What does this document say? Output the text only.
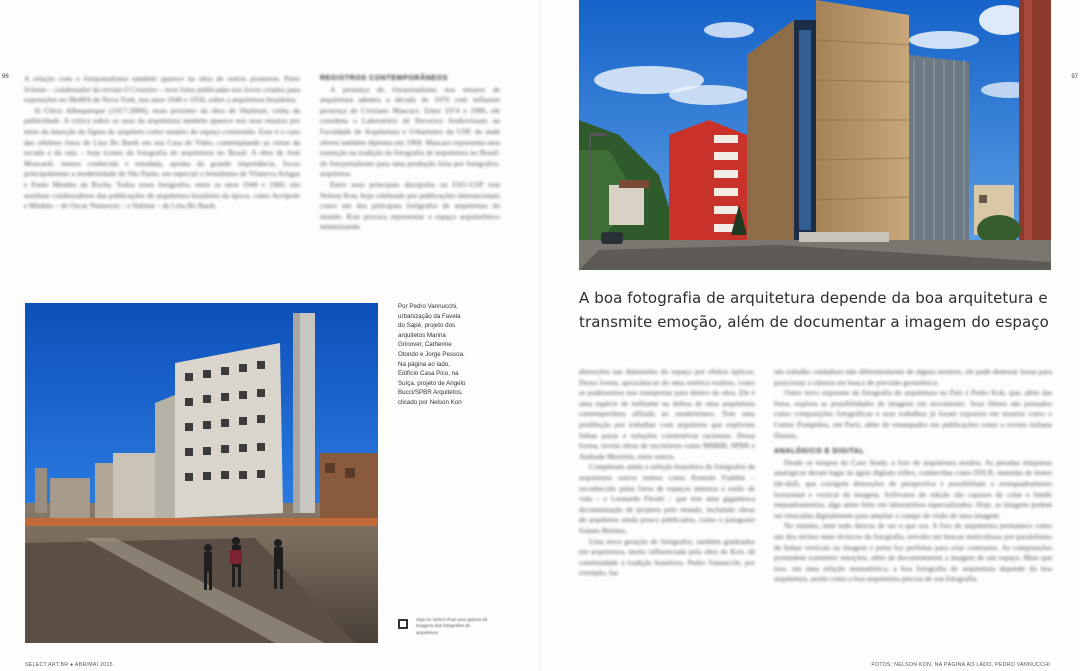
96 A relação com o fotojornalismo também aparece na obra de outros pioneiros. Peter Scheier – colaborador da revista O Cruzeiro – teve fotos publicadas nos livros criados para exposições no MoMA de Nova York, nos anos 1940 e 1950, sobre a arquitetura brasileira.

Já Chico Albuquerque (1917-2000), mais próximo da obra de Shulman, vinha da publicidade. A crítica sobre os usos da arquitetura também aparece nos seus ensaios por meio da inserção da figura do arquiteto como usuário do espaço construído. Esse é o caso das célebres fotos de Lina Bo Bardi em sua Casa de Vidro, contemplando as vistas da escada e da sala – hoje ícones da fotografia de arquitetura no Brasil. A obra de José Moscardi, menos conhecida e estudada, aponta da grande importância, focou principalmente a modernidade de São Paulo, em especial o brutalismo de Vilanova Artigas e Paulo Mendes da Rocha. Todos esses fotógrafos, entre os anos 1940 e 1960, são assíduos colaboradores das publicações de arquitetura brasileira da época, como Acrópole e Módulo – de Oscar Niemeyer – e Habitat – de Lina Bo Bardi.

REGISTROS CONTEMPORÂNEOS

A presença do fotojornalismo nos ensaios de arquitetura adentra a década de 1970 com influente presença de Cristiano Mascaro. Entre 1974 e 1986, ele coordena o Laboratório de Recursos Audiovisuais na Faculdade de Arquitetura e Urbanismo da USP, de onde ofereu também diploma em 1968. Mascaro representa uma transição na tradição da fotografia de arquitetura no Brasil: do fotojornalismo para uma produção feita por fotógrafos-arquitetos.

Entre seus principais discípulos na FAU-USP está Nelson Kon, hoje celebrado por publicações internacionais como um dos principais fotógrafos de arquitetura do mundo. Kon procura representar o espaço arquitetônico minimizando

Por Pedro Vannucchi,
urbanização da Favela
do Sapé, projeto dos
arquitetos Marina
Grinover, Catherine
Otondo e Jorge Pessoa.
Na página ao lado,
Edifício Casa Pico, na
Suíça, projeto de Angelo
Bucci/SPBR Arquitetos,
clicado por Nelson Kon
Veja no Select iPad uma galeria de imagens dos fotógrafos de arquitetura
SELECT.ART.BR ● ABR/MAI 2015
97
A boa fotografia de arquitetura depende da boa arquitetura e
transmite emoção, além de documentar a imagem do espaço

distorções nas dimensões do espaço por efeitos ópticos. Dessa forma, aproxima-se de uma estética realista, como se pudéssemos nos transportar para dentro da obra. Ele é uma espécie de militante na defesa de uma arquitetura contemporânea afiliada ao modernismo. Tem uma predileção por trabalhar com arquitetos que exploram linhas puras e soluções construtivas racionais. Dessa forma, revela obras de escritórios como MMBB, SPBR e Andrade Morettin, entre outros.

Completam ainda a seleção brasileira de fotógrafos de arquitetura outros nomes como Romulo Fialdini – reconhecido pelas fotos de espaços internos e estilo de vida – e Leonardo Finotti – que tem uma gigantesca documentação de projetos pelo mundo, incluindo obras de arquitetos ainda pouco publicados, como o paraguaio Solano Benítez.

Uma nova geração de fotógrafos, também graduados em arquitetura, muito influenciada pela obra de Kon, dá continuidade à tradição brasileira. Pedro Vannucchi, por exemplo, faz

um trabalho cuidadoso não diferentemente de alguns mestres, ele pode demorar horas para posicionar a câmera em busca de precisão geométrica.

Outro novo expoente da fotografia de arquitetura no País é Pedro Kok, que, além das fotos, explora as possibilidades de imagens em movimento. Seus filmes são pensados como composições fotográficas e seus trabalhos já foram expostos em museus como o Centre Pompidou, em Paris, além de estampados em publicações como a revista italiana Domus.

ANALÓGICO E DIGITAL

Desde os tempos do Case Study, a foto de arquitetura mudou. As pesadas máquinas analógicas deram lugar às ágeis digitais reflex, conhecidas como DSLR, munidas de lentes tilt-shift, que corrigem distorções de perspectiva e possibilitam o reenquadramento horizontal e vertical da imagem. Softwares de edição são capazes de colar e fundir enquadramentos, algo antes feito em laboratórios especializados. Hoje, as imagens podem ser retocadas digitalmente para ampliar o campo de visão de uma imagem.

No entanto, nem tudo deixou de ser o que era. A foto de arquitetura permanece como um dos nichos mais técnicos da fotografia, envolto em buscas meticulosas por paralelismo de linhas verticais na imagem e pelas luz perfeitas para criar contrastes. As composições pretendem transmitir emoções, além de documentarem a imagem de um espaço. Mais que isso, em uma relação mutualística, a boa fotografia de arquitetura depende da boa arquitetura, assim como a boa arquitetura precisa de sua fotografia.

FOTOS: NELSON KON, NA PÁGINA AO LADO, PEDRO VANNUCCHI
